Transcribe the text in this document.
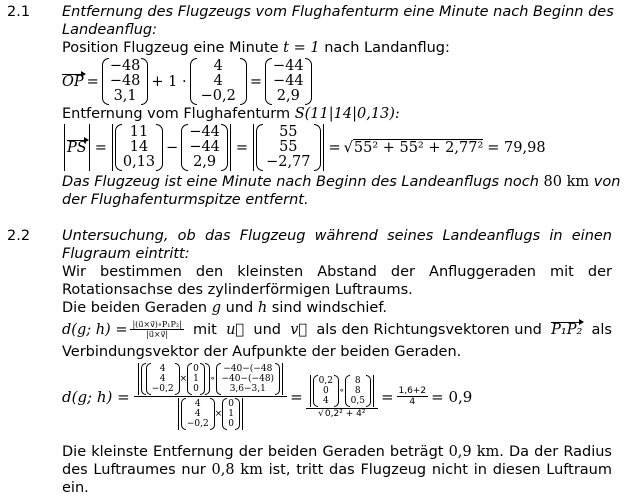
2.1 Entfernung des Flugzeugs vom Flughafenturm eine Minute nach Beginn des
Landeanflug:
Position Flugzeug eine Minute t = 1 nach Landanflug:
OP =
−48
−48
3,1
+ 1 ·
4
4
−0,2
=
−44
−44
2,9
Entfernung vom Flughafenturm S(11|14|0,13):
PS =
11
14
0,13
−
−44
−44
2,9
=
55
55
−2,77
= √ 55² + 55² + 2,77² = 79,98
Das Flugzeug ist eine Minute nach Beginn des Landeanflugs noch 80 km von
der Flughafenturmspitze entfernt.
2.2 Untersuchung, ob das Flugzeug während seines Landeanflugs in einen
Flugraum eintritt:
Wir bestimmen den kleinsten Abstand der Anfluggeraden mit der
Rotationsachse des zylinderförmigen Luftraums.
Die beiden Geraden g und h sind windschief.
d(g; $h) = \frac{\text{|(u⃗×v⃗)∘P₁P₂|}}{|u⃗\times v⃗|}$ mit u⃗ und v⃗ als den Richtungsvektoren und P₁P₂ als
Verbindungsvektor der Aufpunkte der beiden Geraden.
d(g; h) =
4
4
−0,2
×
0
1
0
∘
−40−(−48
−40−(−48)
3,6−3,1
4
4
−0,2
×
0
1
0
= 0,2
0
4
∘
8
8
0,5
$√0,2^2 + 4^2 = \frac{1,6+2}{4} = 0,9$
Die kleinste Entfernung der beiden Geraden beträgt 0,9 km. Da der Radius
des Luftraumes nur 0,8 km ist, tritt das Flugzeug nicht in diesen Luftraum
ein.
